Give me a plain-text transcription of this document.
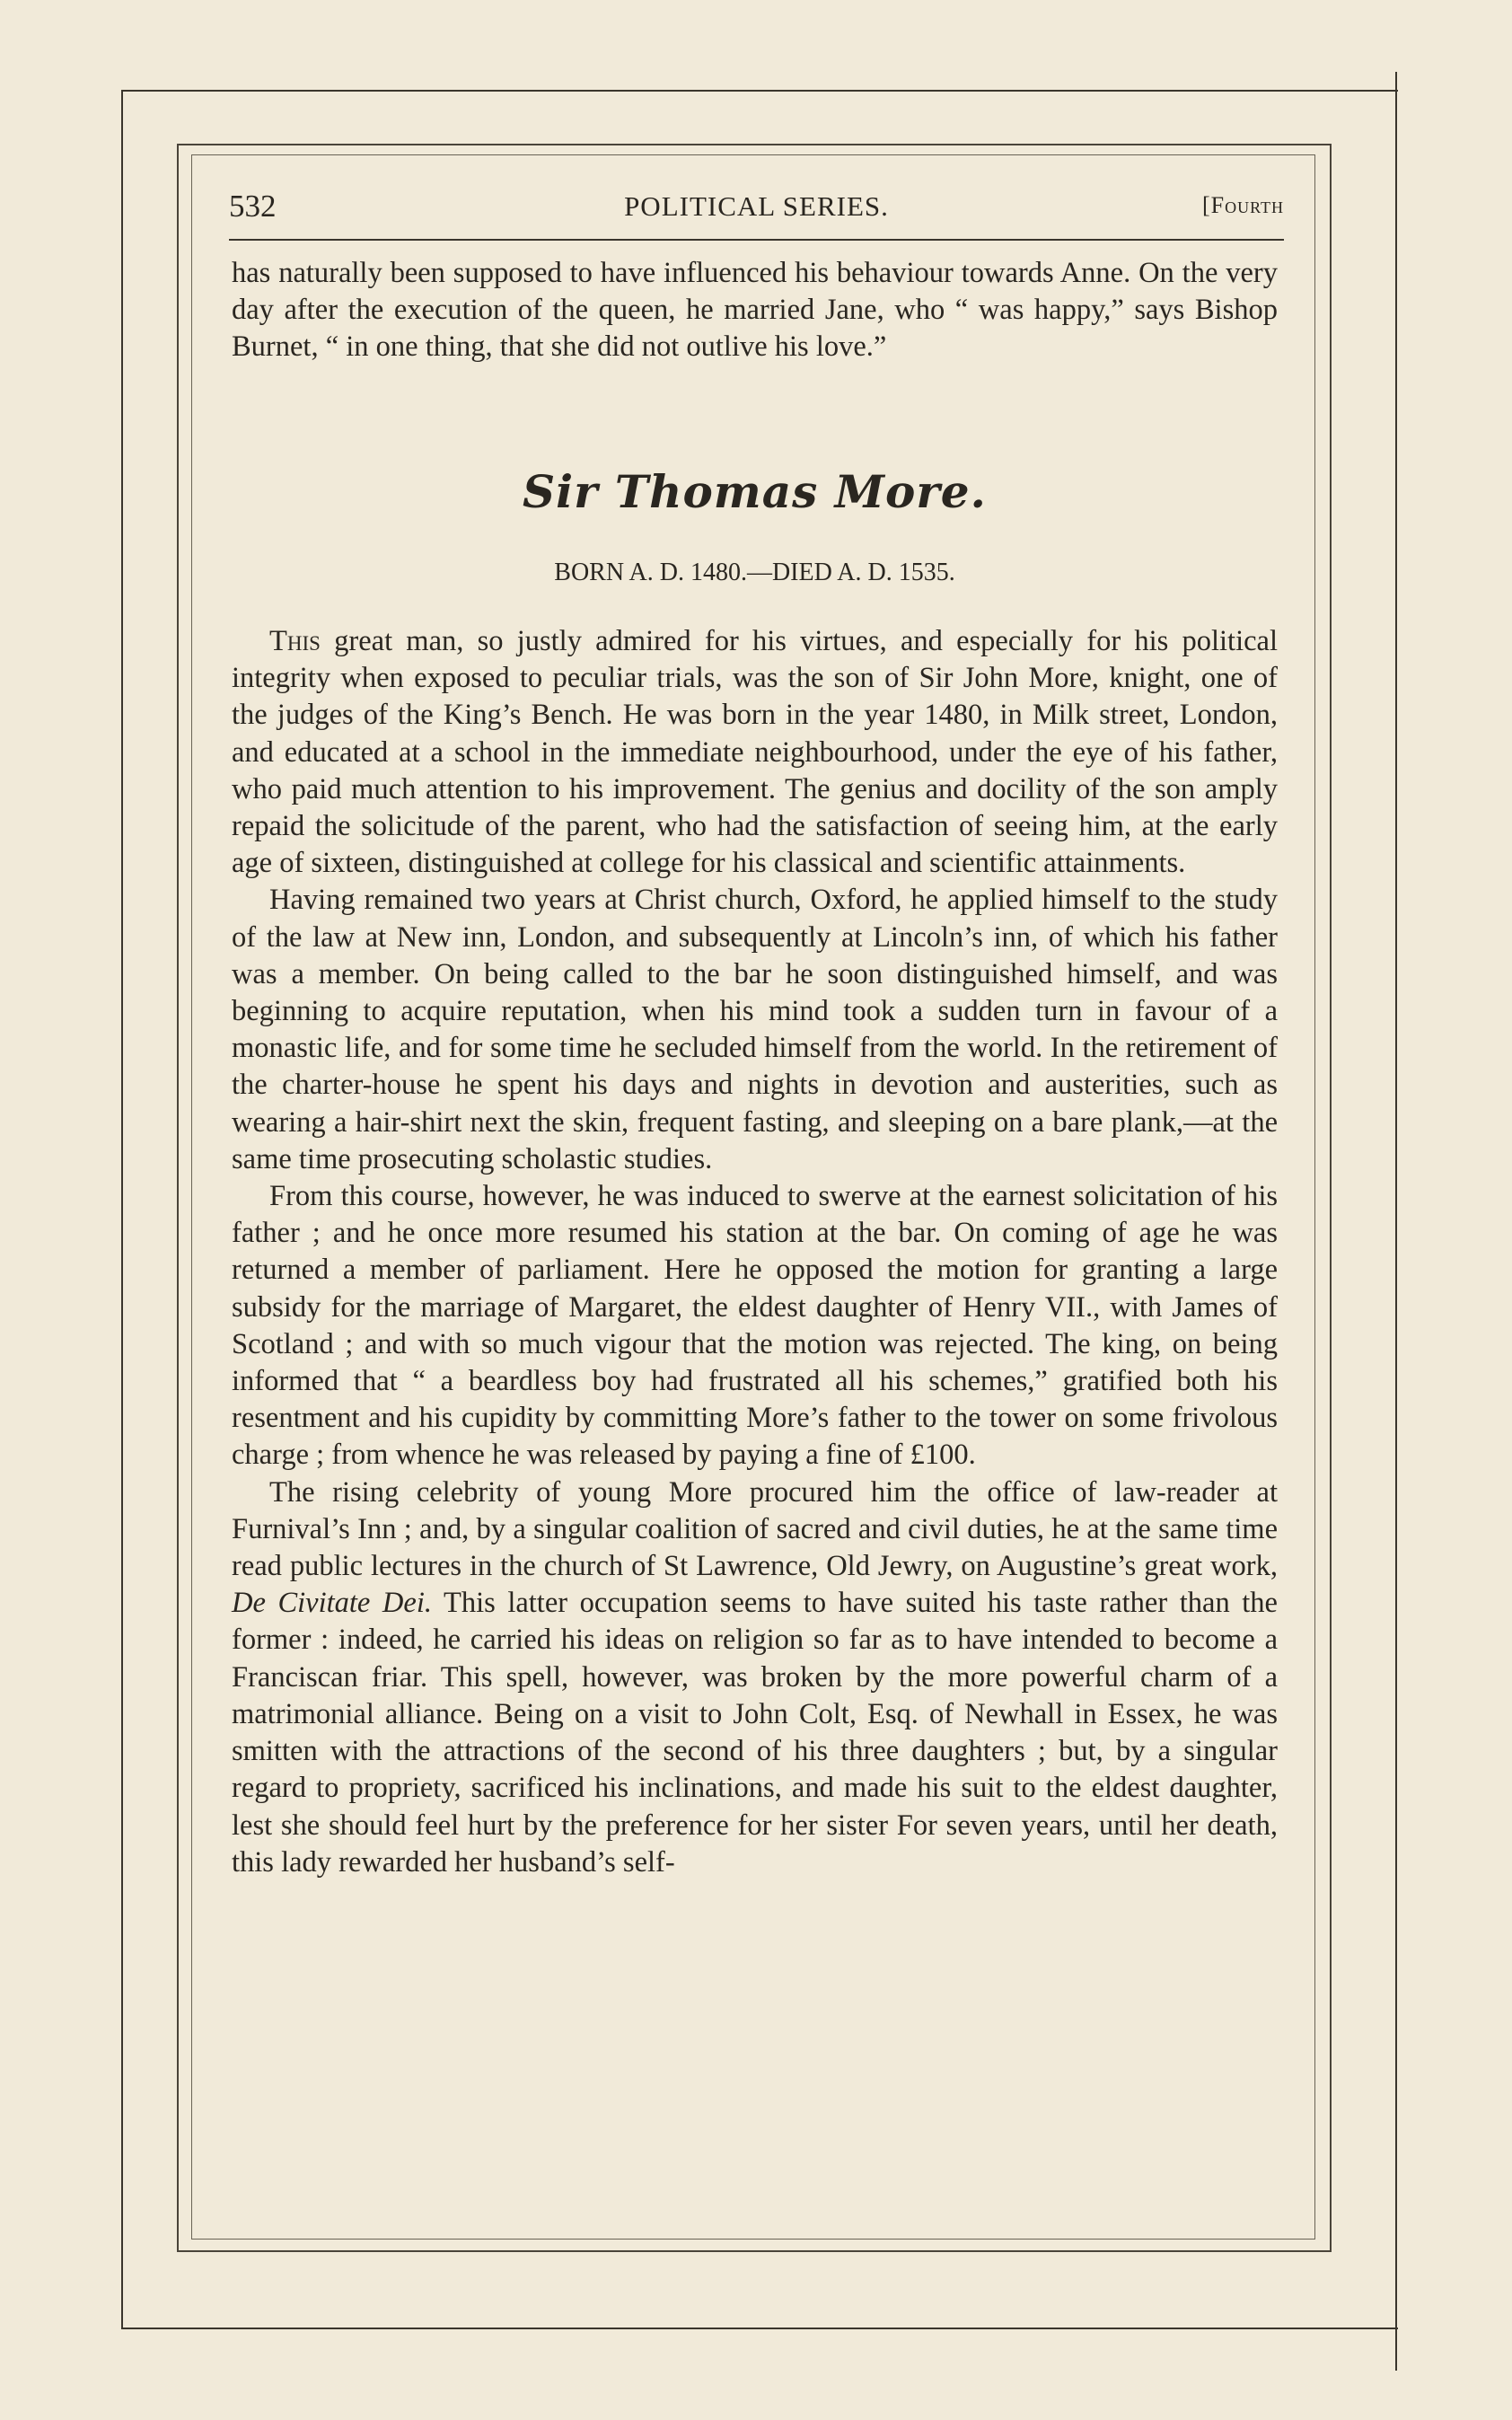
532	POLITICAL SERIES.	[Fourth

has naturally been supposed to have influenced his behaviour towards Anne. On the very day after the execution of the queen, he married Jane, who “ was happy,” says Bishop Burnet, “ in one thing, that she did not outlive his love.”

Sir Thomas More.
BORN A. D. 1480.—DIED A. D. 1535.

This great man, so justly admired for his virtues, and especially for his political integrity when exposed to peculiar trials, was the son of Sir John More, knight, one of the judges of the King’s Bench. He was born in the year 1480, in Milk street, London, and educated at a school in the immediate neighbourhood, under the eye of his father, who paid much attention to his improvement. The genius and docility of the son amply repaid the solicitude of the parent, who had the satisfaction of seeing him, at the early age of sixteen, distinguished at college for his classical and scientific attainments.

Having remained two years at Christ church, Oxford, he applied himself to the study of the law at New inn, London, and subsequently at Lincoln’s inn, of which his father was a member. On being called to the bar he soon distinguished himself, and was beginning to acquire reputation, when his mind took a sudden turn in favour of a monastic life, and for some time he secluded himself from the world. In the retirement of the charter-house he spent his days and nights in devotion and austerities, such as wearing a hair-shirt next the skin, frequent fasting, and sleeping on a bare plank,—at the same time prosecuting scholastic studies.

From this course, however, he was induced to swerve at the earnest solicitation of his father ; and he once more resumed his station at the bar. On coming of age he was returned a member of parliament. Here he opposed the motion for granting a large subsidy for the marriage of Margaret, the eldest daughter of Henry VII., with James of Scotland ; and with so much vigour that the motion was rejected. The king, on being informed that “ a beardless boy had frustrated all his schemes,” gratified both his resentment and his cupidity by committing More’s father to the tower on some frivolous charge ; from whence he was released by paying a fine of £100.

The rising celebrity of young More procured him the office of law-reader at Furnival’s Inn ; and, by a singular coalition of sacred and civil duties, he at the same time read public lectures in the church of St Lawrence, Old Jewry, on Augustine’s great work, De Civitate Dei. This latter occupation seems to have suited his taste rather than the former : indeed, he carried his ideas on religion so far as to have intended to become a Franciscan friar. This spell, however, was broken by the more powerful charm of a matrimonial alliance. Being on a visit to John Colt, Esq. of Newhall in Essex, he was smitten with the attractions of the second of his three daughters ; but, by a singular regard to propriety, sacrificed his inclinations, and made his suit to the eldest daughter, lest she should feel hurt by the preference for her sister For seven years, until her death, this lady rewarded her husband’s self-
